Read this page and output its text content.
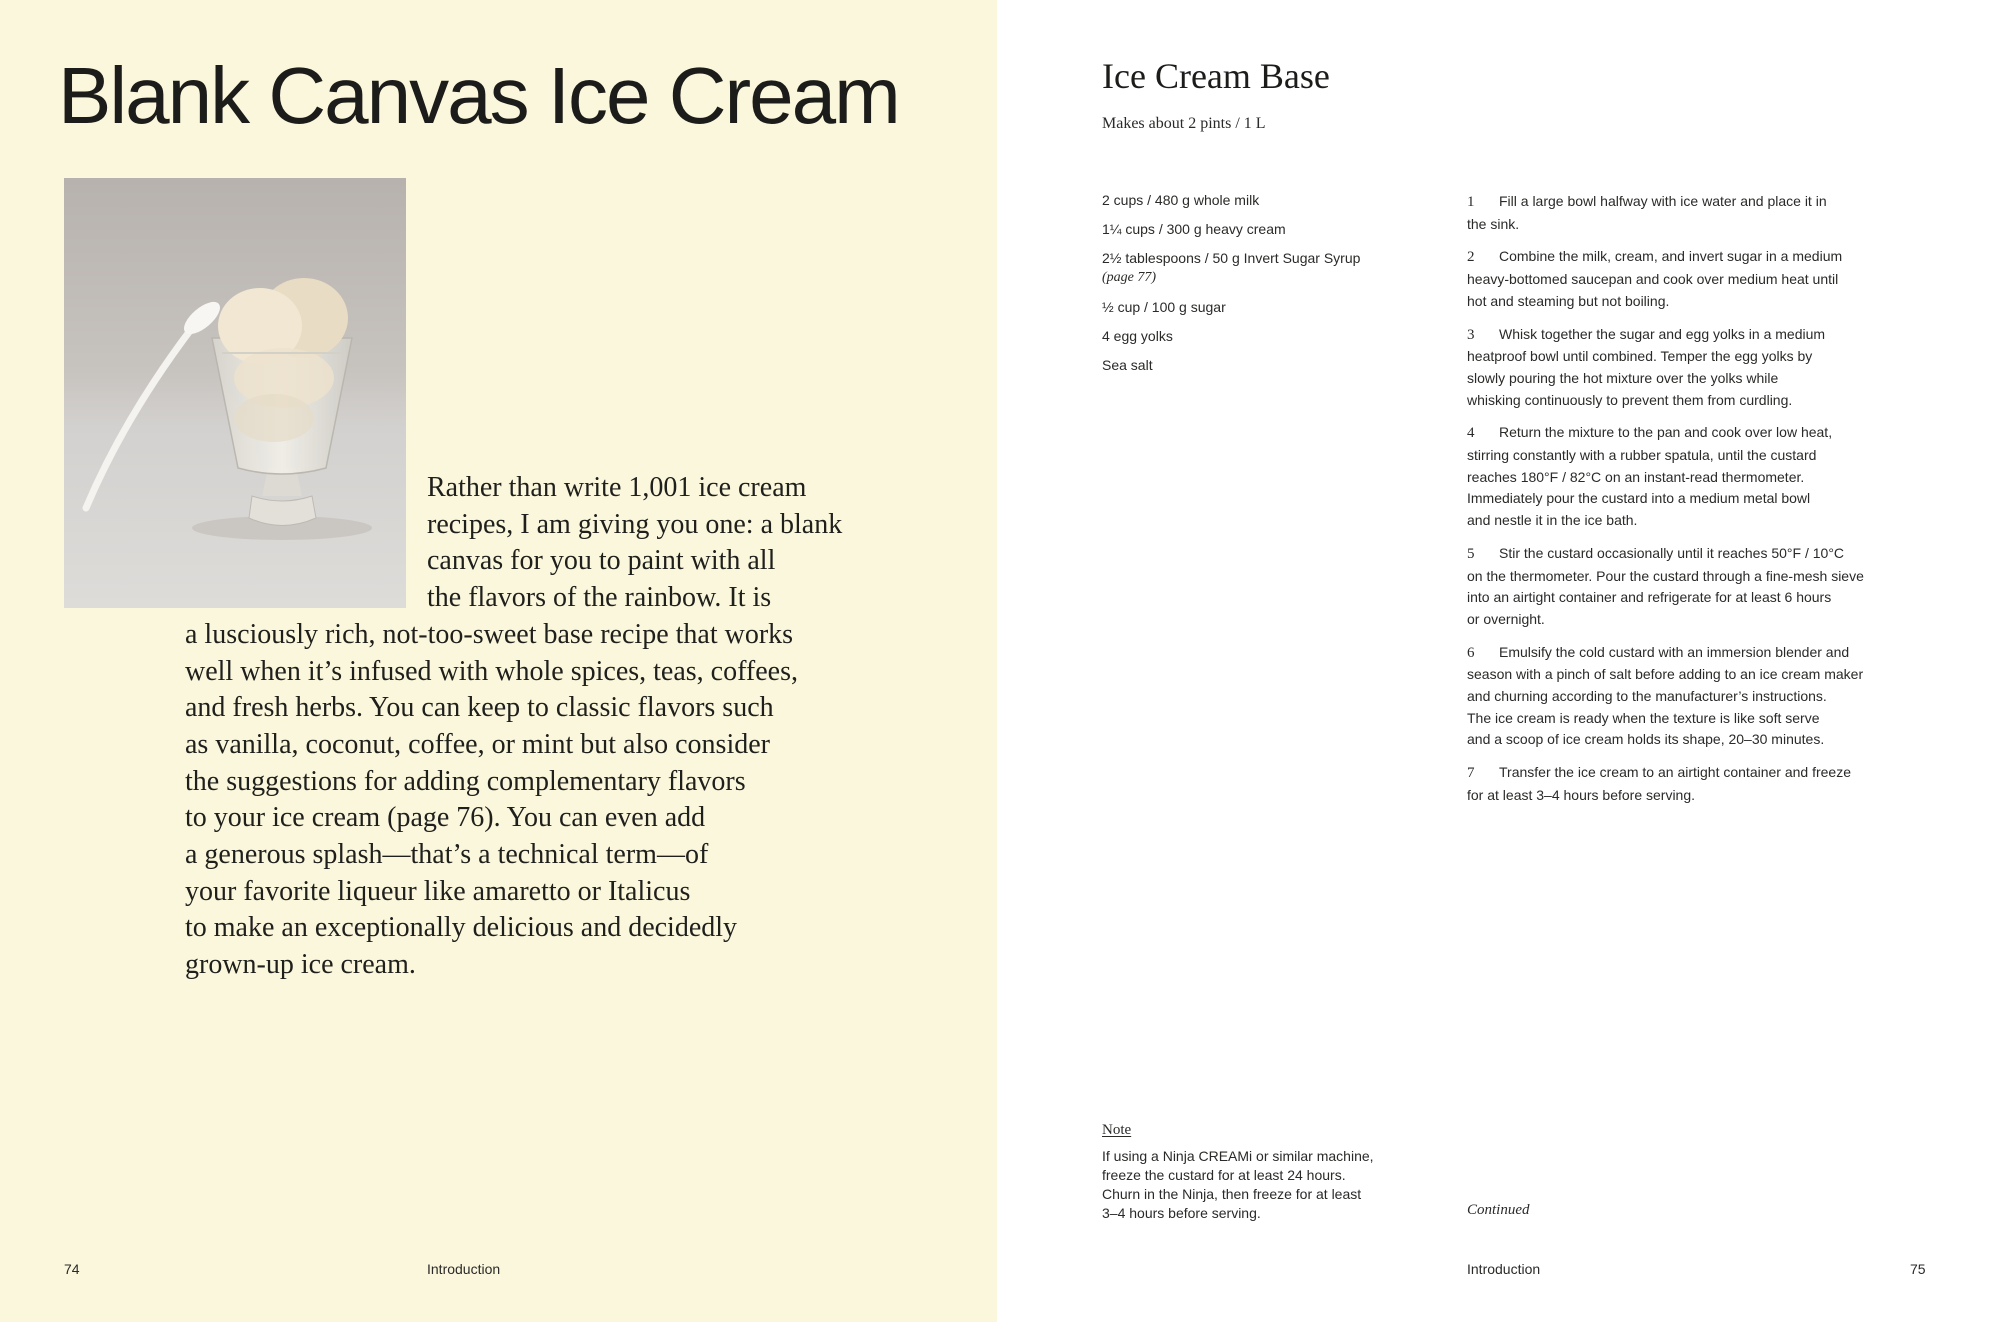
Blank Canvas Ice Cream

Rather than write 1,001 ice cream
recipes, I am giving you one: a blank
canvas for you to paint with all
the flavors of the rainbow. It is
a lusciously rich, not-too-sweet base recipe that works
well when it’s infused with whole spices, teas, coffees,
and fresh herbs. You can keep to classic flavors such
as vanilla, coconut, coffee, or mint but also consider
the suggestions for adding complementary flavors
to your ice cream (page 76). You can even add
a generous splash—that’s a technical term—of
your favorite liqueur like amaretto or Italicus
to make an exceptionally delicious and decidedly
grown-up ice cream.

74	Introduction
Ice Cream Base

Makes about 2 pints / 1 L

2 cups / 480 g whole milk
1¼ cups / 300 g heavy cream
2½ tablespoons / 50 g Invert Sugar Syrup
(page 77)
½ cup / 100 g sugar
4 egg yolks
Sea salt
1 Fill a large bowl halfway with ice water and place it in
the sink.
2 Combine the milk, cream, and invert sugar in a medium
heavy-bottomed saucepan and cook over medium heat until
hot and steaming but not boiling.
3 Whisk together the sugar and egg yolks in a medium
heatproof bowl until combined. Temper the egg yolks by
slowly pouring the hot mixture over the yolks while
whisking continuously to prevent them from curdling.
4 Return the mixture to the pan and cook over low heat,
stirring constantly with a rubber spatula, until the custard
reaches 180°F / 82°C on an instant-read thermometer.
Immediately pour the custard into a medium metal bowl
and nestle it in the ice bath.
5 Stir the custard occasionally until it reaches 50°F / 10°C
on the thermometer. Pour the custard through a fine-mesh sieve
into an airtight container and refrigerate for at least 6 hours
or overnight.
6 Emulsify the cold custard with an immersion blender and
season with a pinch of salt before adding to an ice cream maker
and churning according to the manufacturer’s instructions.
The ice cream is ready when the texture is like soft serve
and a scoop of ice cream holds its shape, 20–30 minutes.
7 Transfer the ice cream to an airtight container and freeze
for at least 3–4 hours before serving.

Note

If using a Ninja CREAMi or similar machine,
freeze the custard for at least 24 hours.
Churn in the Ninja, then freeze for at least
3–4 hours before serving.	Continued

Introduction	75
